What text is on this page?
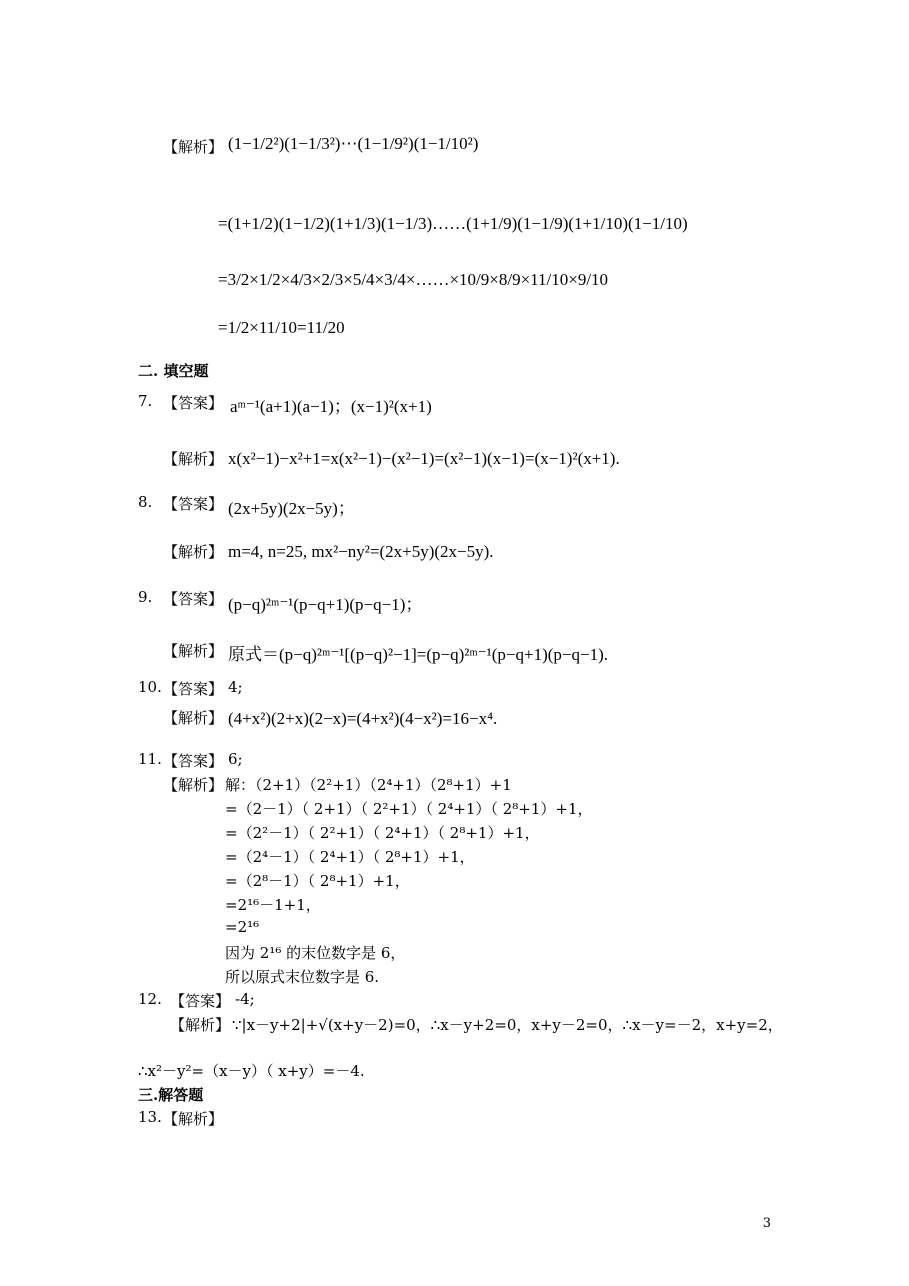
【解析】 (1−1/2²)(1−1/3²)⋯(1−1/9²)(1−1/10²)
=(1+1/2)(1−1/2)(1+1/3)(1−1/3)……(1+1/9)(1−1/9)(1+1/10)(1−1/10)
=3/2×1/2×4/3×2/3×5/4×3/4×……×10/9×8/9×11/10×9/10
=1/2×11/10=11/20
二. 填空题
7. 【答案】 aᵐ⁻¹(a+1)(a−1)；(x−1)²(x+1)
【解析】 x(x²−1)−x²+1=x(x²−1)−(x²−1)=(x²−1)(x−1)=(x−1)²(x+1).
8. 【答案】 (2x+5y)(2x−5y)；
【解析】 m=4, n=25, mx²−ny²=(2x+5y)(2x−5y).
9. 【答案】 (p−q)²ᵐ⁻¹(p−q+1)(p−q−1)；
【解析】 原式＝(p−q)²ᵐ⁻¹[(p−q)²−1]=(p−q)²ᵐ⁻¹(p−q+1)(p−q−1).
10. 【答案】 4;
【解析】 (4+x²)(2+x)(2−x)=(4+x²)(4−x²)=16−x⁴.
11. 【答案】 6;
【解析】 解：（2+1）（2²+1）（2⁴+1）（2⁸+1）+1
=（2－1）（ 2+1）（ 2²+1）（ 2⁴+1）（ 2⁸+1）+1，
=（2²－1）（ 2²+1）（ 2⁴+1）（ 2⁸+1）+1，
=（2⁴－1）（ 2⁴+1）（ 2⁸+1）+1，
=（2⁸－1）（ 2⁸+1）+1，
=2¹⁶－1+1，
=2¹⁶
因为 2¹⁶ 的末位数字是 6，
所以原式末位数字是 6.
12. 【答案】 -4;
【解析】 ∵|x－y+2|+√(x+y－2)=0，∴x－y+2=0，x+y－2=0，∴x－y=－2，x+y=2，
∴x²－y²=（x－y）（ x+y）=－4.
三.解答题
13. 【解析】
3
